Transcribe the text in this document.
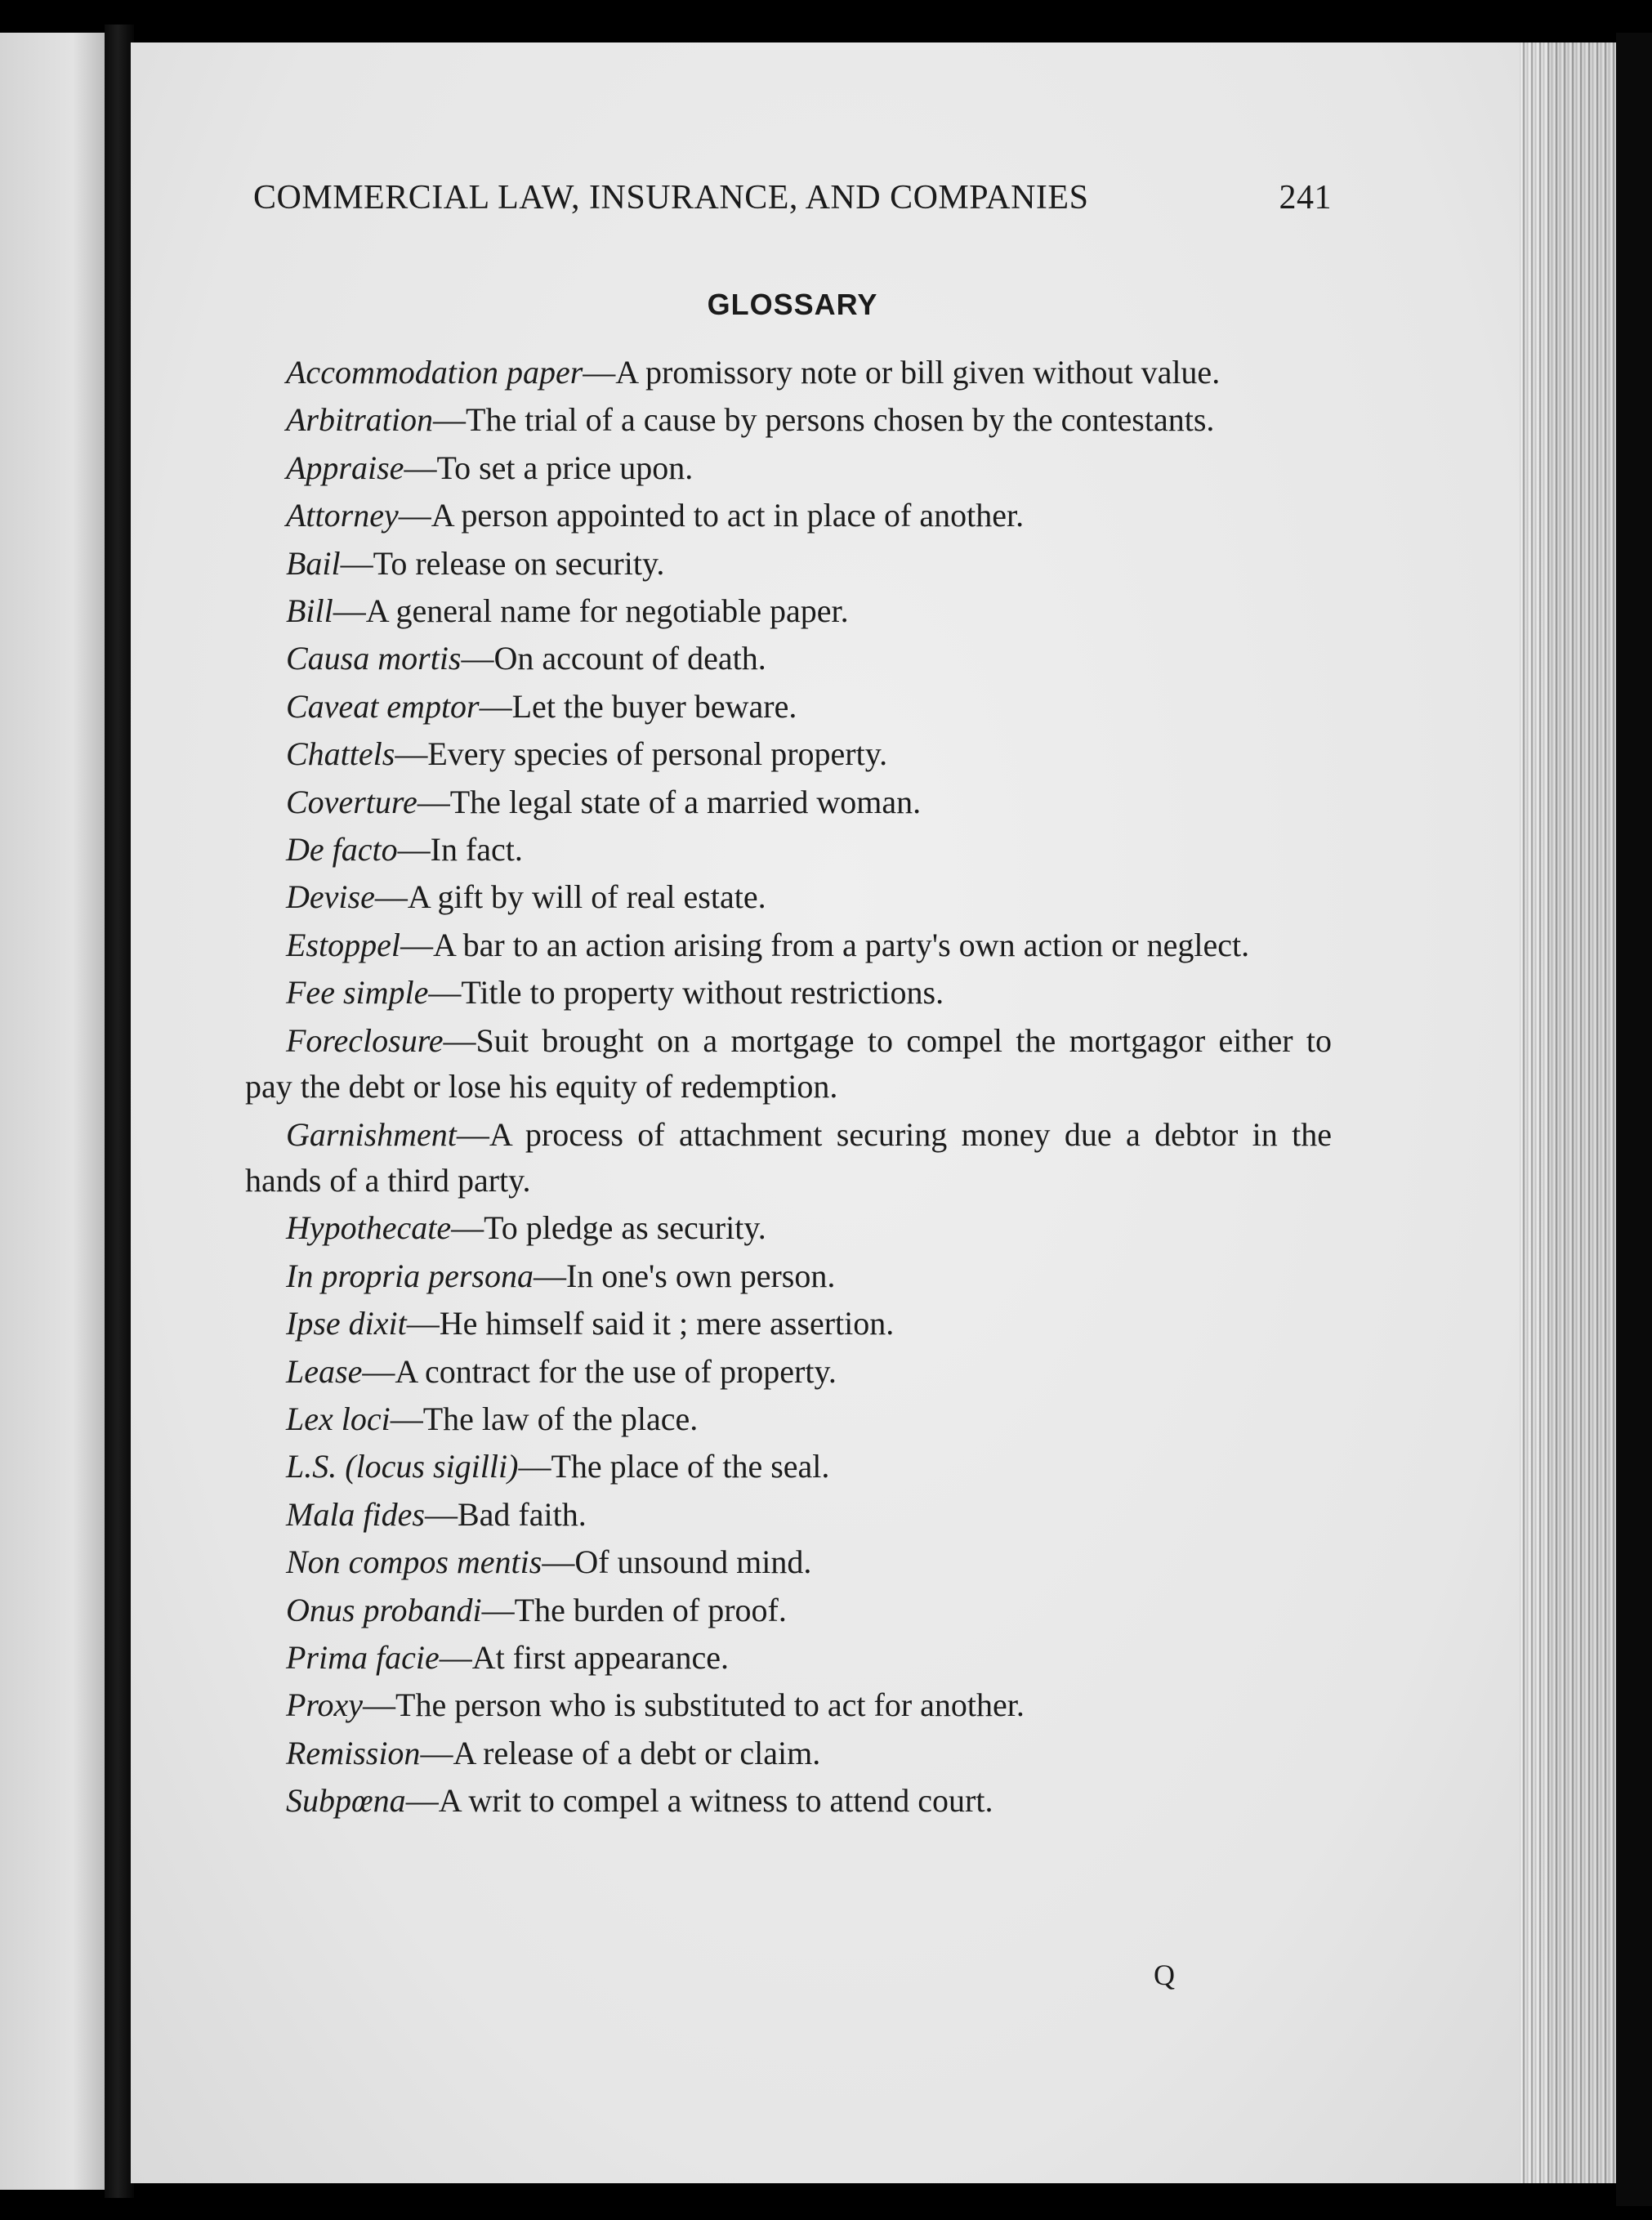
COMMERCIAL LAW, INSURANCE, AND COMPANIES	241
GLOSSARY
Accommodation paper—A promissory note or bill given without value.
Arbitration—The trial of a cause by persons chosen by the contestants.
Appraise—To set a price upon.
Attorney—A person appointed to act in place of another.
Bail—To release on security.
Bill—A general name for negotiable paper.
Causa mortis—On account of death.
Caveat emptor—Let the buyer beware.
Chattels—Every species of personal property.
Coverture—The legal state of a married woman.
De facto—In fact.
Devise—A gift by will of real estate.
Estoppel—A bar to an action arising from a party's own action or neglect.
Fee simple—Title to property without restrictions.
Foreclosure—Suit brought on a mortgage to compel the mortgagor either to pay the debt or lose his equity of redemption.
Garnishment—A process of attachment securing money due a debtor in the hands of a third party.
Hypothecate—To pledge as security.
In propria persona—In one's own person.
Ipse dixit—He himself said it ; mere assertion.
Lease—A contract for the use of property.
Lex loci—The law of the place.
L.S. (locus sigilli)—The place of the seal.
Mala fides—Bad faith.
Non compos mentis—Of unsound mind.
Onus probandi—The burden of proof.
Prima facie—At first appearance.
Proxy—The person who is substituted to act for another.
Remission—A release of a debt or claim.
Subpœna—A writ to compel a witness to attend court.
Q
